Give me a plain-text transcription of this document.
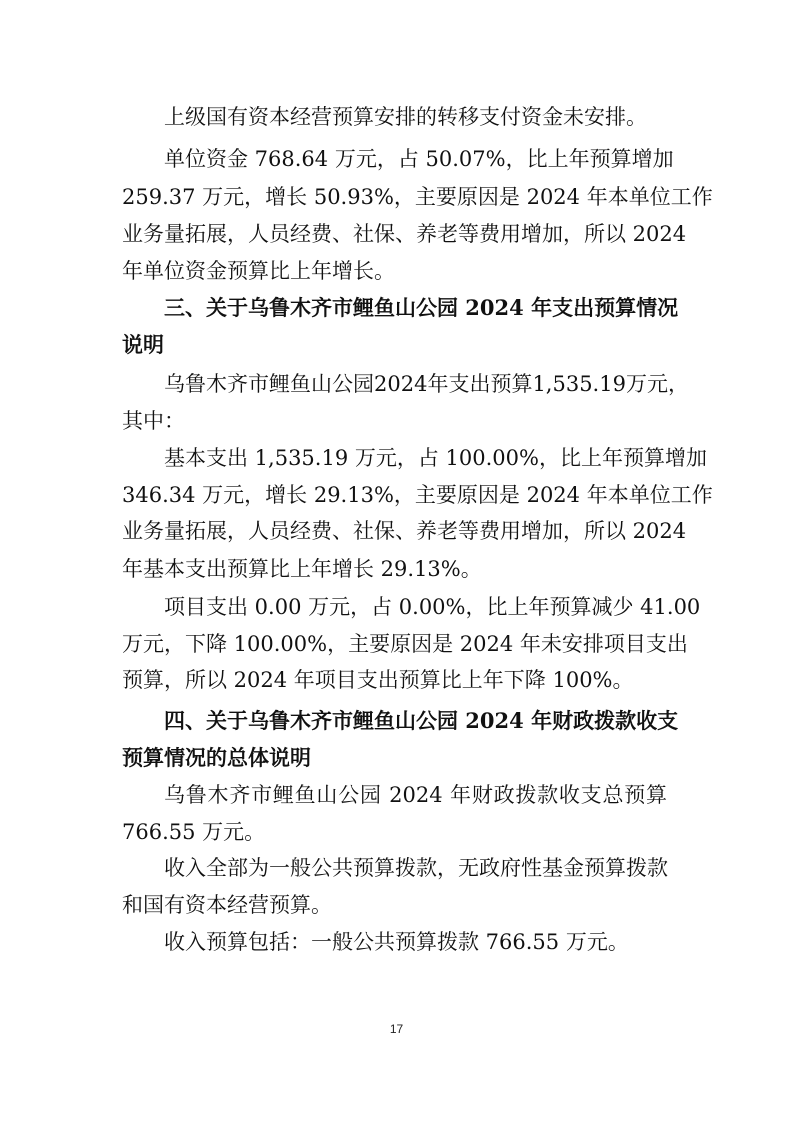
上级国有资本经营预算安排的转移支付资金未安排。
单位资金 768.64 万元，占 50.07%，比上年预算增加
259.37 万元，增长 50.93%，主要原因是 2024 年本单位工作
业务量拓展，人员经费、社保、养老等费用增加，所以 2024
年单位资金预算比上年增长。
三、关于乌鲁木齐市鲤鱼山公园 2024 年支出预算情况
说明
乌鲁木齐市鲤鱼山公园2024年支出预算1,535.19万元，
其中：
基本支出 1,535.19 万元，占 100.00%，比上年预算增加
346.34 万元，增长 29.13%，主要原因是 2024 年本单位工作
业务量拓展，人员经费、社保、养老等费用增加，所以 2024
年基本支出预算比上年增长 29.13%。
项目支出 0.00 万元，占 0.00%，比上年预算减少 41.00
万元，下降 100.00%，主要原因是 2024 年未安排项目支出
预算，所以 2024 年项目支出预算比上年下降 100%。
四、关于乌鲁木齐市鲤鱼山公园 2024 年财政拨款收支
预算情况的总体说明
乌鲁木齐市鲤鱼山公园 2024 年财政拨款收支总预算
766.55 万元。
收入全部为一般公共预算拨款，无政府性基金预算拨款
和国有资本经营预算。
收入预算包括：一般公共预算拨款 766.55 万元。
17
